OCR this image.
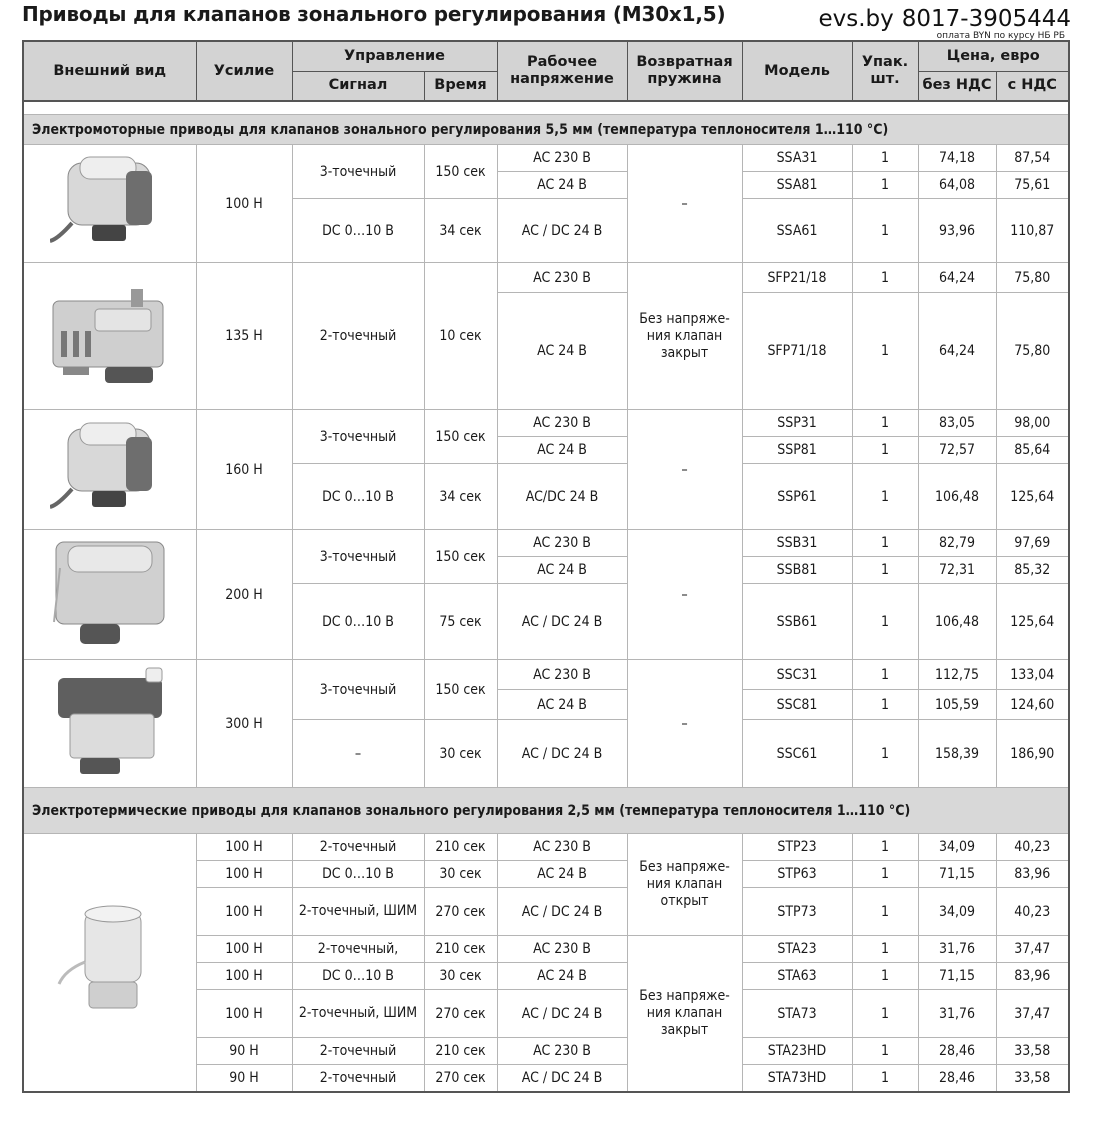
Приводы для клапанов зонального регулирования (M30x1,5)	evs.by 8017-3905444
оплата BYN по курсу НБ РБ
Внешний вид	Усилие	Управление		Рабочее напряжение	Возвратная пружина	Модель	Упак. шт.	Цена, евро	
		Сигнал	Время					без НДС	с НДС

Электромоторные приводы для клапанов зонального регулирования 5,5 мм (температура теплоносителя 1…110 °С)									

	100 Н	3-точечный	150 сек	AC 230 В	–	SSA31	1	74,18	87,54
				AC 24 В		SSA81	1	64,08	75,61
		DC 0…10 В	34 сек	AC / DC 24 В		SSA61	1	93,96	110,87

	135 Н	2-точечный	10 сек	AC 230 В	Без напряже-ния клапан закрыт	SFP21/18	1	64,24	75,80
				AC 24 В		SFP71/18	1	64,24	75,80

	160 Н	3-точечный	150 сек	AC 230 В	–	SSP31	1	83,05	98,00
				AC 24 В		SSP81	1	72,57	85,64
		DC 0…10 В	34 сек	AC/DC 24 В		SSP61	1	106,48	125,64

	200 Н	3-точечный	150 сек	AC 230 В	–	SSB31	1	82,79	97,69
				AC 24 В		SSB81	1	72,31	85,32
		DC 0…10 В	75 сек	AC / DC 24 В		SSB61	1	106,48	125,64

	300 Н	3-точечный	150 сек	AC 230 В	–	SSC31	1	112,75	133,04
				AC 24 В		SSC81	1	105,59	124,60
		–	30 сек	AC / DC 24 В		SSC61	1	158,39	186,90
Электротермические приводы для клапанов зонального регулирования 2,5 мм (температура теплоносителя 1…110 °С)									

	100 Н	2-точечный	210 сек	AC 230 В	Без напряже-ния клапан открыт	STP23	1	34,09	40,23
	100 Н	DC 0…10 В	30 сек	AC 24 В		STP63	1	71,15	83,96
	100 Н	2-точечный, ШИМ	270 сек	AC / DC 24 В		STP73	1	34,09	40,23
	100 Н	2-точечный,	210 сек	AC 230 В	Без напряже-ния клапан закрыт	STA23	1	31,76	37,47
	100 Н	DC 0…10 В	30 сек	AC 24 В		STA63	1	71,15	83,96
	100 Н	2-точечный, ШИМ	270 сек	AC / DC 24 В		STA73	1	31,76	37,47
	90 Н	2-точечный	210 сек	AC 230 В		STA23HD	1	28,46	33,58
	90 Н	2-точечный	270 сек	AC / DC 24 В		STA73HD	1	28,46	33,58
